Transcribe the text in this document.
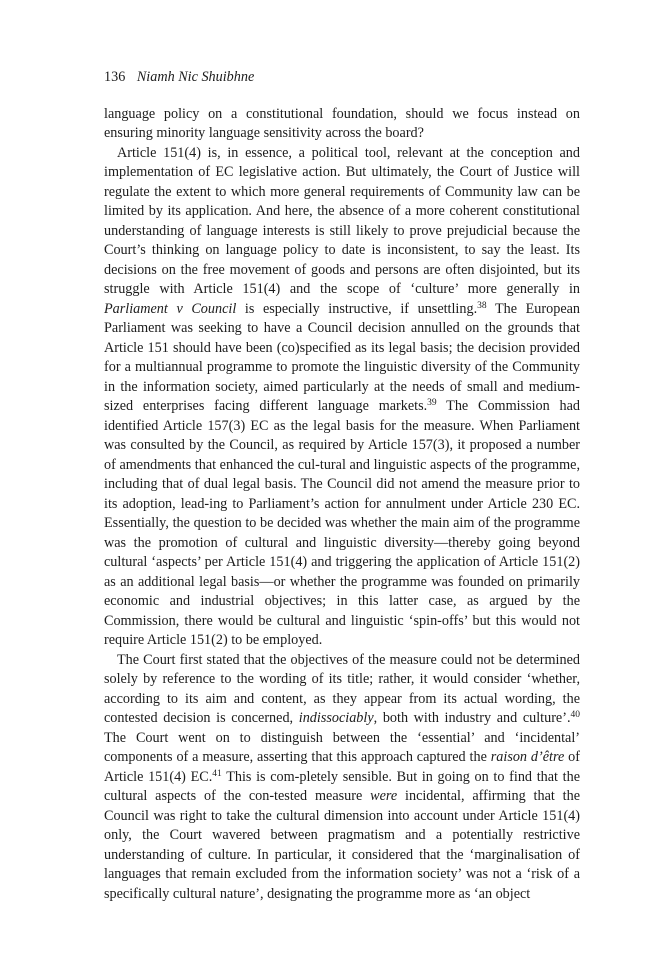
136 Niamh Nic Shuibhne

language policy on a constitutional foundation, should we focus instead on ensuring minority language sensitivity across the board?

Article 151(4) is, in essence, a political tool, relevant at the conception and implementation of EC legislative action. But ultimately, the Court of Justice will regulate the extent to which more general requirements of Community law can be limited by its application. And here, the absence of a more coherent constitutional understanding of language interests is still likely to prove prejudicial because the Court’s thinking on language policy to date is inconsistent, to say the least. Its decisions on the free movement of goods and persons are often disjointed, but its struggle with Article 151(4) and the scope of ‘culture’ more generally in Parliament v Council is especially instructive, if unsettling.$^{38}$ The European Parliament was seeking to have a Council decision annulled on the grounds that Article 151 should have been (co)specified as its legal basis; the decision provided for a multiannual programme to promote the linguistic diversity of the Community in the information society, aimed particularly at the needs of small and medium-sized enterprises facing different language markets.$^{39}$ The Commission had identified Article 157(3) EC as the legal basis for the measure. When Parliament was consulted by the Council, as required by Article 157(3), it proposed a number of amendments that enhanced the cul-tural and linguistic aspects of the programme, including that of dual legal basis. The Council did not amend the measure prior to its adoption, lead-ing to Parliament’s action for annulment under Article 230 EC. Essentially, the question to be decided was whether the main aim of the programme was the promotion of cultural and linguistic diversity—thereby going beyond cultural ‘aspects’ per Article 151(4) and triggering the application of Article 151(2) as an additional legal basis—or whether the programme was founded on primarily economic and industrial objectives; in this latter case, as argued by the Commission, there would be cultural and linguistic ‘spin-offs’ but this would not require Article 151(2) to be employed.

The Court first stated that the objectives of the measure could not be determined solely by reference to the wording of its title; rather, it would consider ‘whether, according to its aim and content, as they appear from its actual wording, the contested decision is concerned, indissociably, both with industry and culture’.$^{40}$ The Court went on to distinguish between the ‘essential’ and ‘incidental’ components of a measure, asserting that this approach captured the raison d’être of Article 151(4) EC.$^{41}$ This is com-pletely sensible. But in going on to find that the cultural aspects of the con-tested measure were incidental, affirming that the Council was right to take the cultural dimension into account under Article 151(4) only, the Court wavered between pragmatism and a potentially restrictive understanding of culture. In particular, it considered that the ‘marginalisation of languages that remain excluded from the information society’ was not a ‘risk of a specifically cultural nature’, designating the programme more as ‘an object
